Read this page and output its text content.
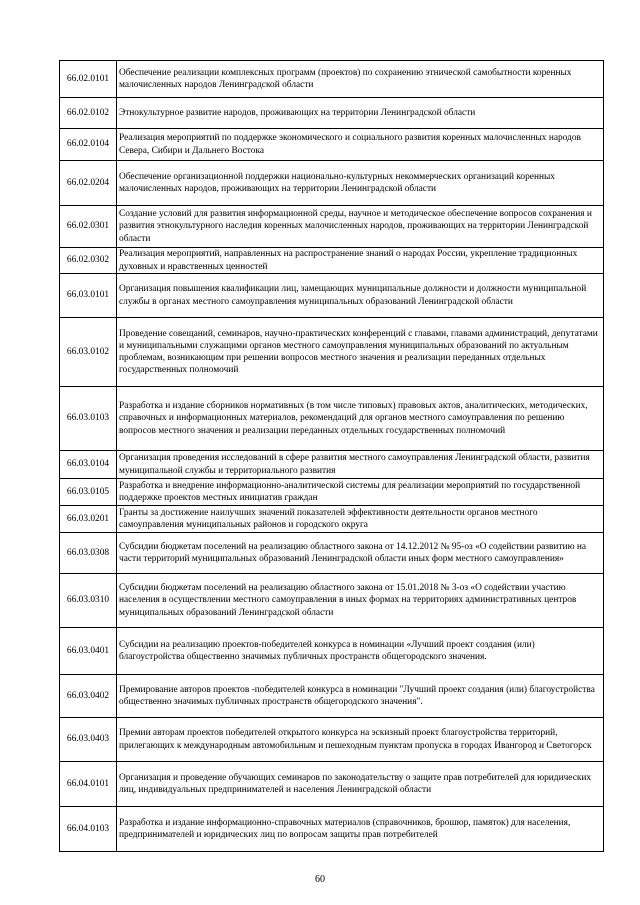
66.02.0101	Обеспечение реализации комплексных программ (проектов) по сохранению этнической самобытности коренных малочисленных народов Ленинградской области
66.02.0102	Этнокультурное развитие народов, проживающих на территории Ленинградской области
66.02.0104	Реализация мероприятий по поддержке экономического и социального развития коренных малочисленных народов Севера, Сибири и Дальнего Востока
66.02.0204	Обеспечение организационной поддержки национально-культурных некоммерческих организаций коренных малочисленных народов, проживающих на территории Ленинградской области
66.02.0301	Создание условий для развития информационной среды, научное и методическое обеспечение вопросов сохранения и развития этнокультурного наследия коренных малочисленных народов, проживающих на территории Ленинградской области
66.02.0302	Реализация мероприятий, направленных на распространение знаний о народах России, укрепление традиционных духовных и нравственных ценностей
66.03.0101	Организация повышения квалификации лиц, замещающих муниципальные должности и должности муниципальной службы в органах местного самоуправления муниципальных образований Ленинградской области
66.03.0102	Проведение совещаний, семинаров, научно-практических конференций с главами, главами администраций, депутатами и муниципальными служащими органов местного самоуправления муниципальных образований по актуальным проблемам, возникающим при решении вопросов местного значения и реализации переданных отдельных государственных полномочий
66.03.0103	Разработка и издание сборников нормативных (в том числе типовых) правовых актов, аналитических, методических, справочных и информационных материалов, рекомендаций для органов местного самоуправления по решению вопросов местного значения и реализации переданных отдельных государственных полномочий
66.03.0104	Организация проведения исследований в сфере развития местного самоуправления Ленинградской области, развития муниципальной службы и территориального развития
66.03.0105	Разработка и внедрение информационно-аналитической системы для реализации мероприятий по государственной поддержке проектов местных инициатив граждан
66.03.0201	Гранты за достижение наилучших значений показателей эффективности деятельности органов местного самоуправления муниципальных районов и городского округа
66.03.0308	Субсидии бюджетам поселений на реализацию областного закона от 14.12.2012 № 95-оз «О содействии развитию на части территорий муниципальных образований Ленинградской области иных форм местного самоуправления»
66.03.0310	Субсидии бюджетам поселений на реализацию областного закона от 15.01.2018 № 3-оз «О содействии участию населения в осуществлении местного самоуправления в иных формах на территориях административных центров муниципальных образований Ленинградской области
66.03.0401	Субсидии на реализацию проектов-победителей конкурса в номинации «Лучший проект создания (или) благоустройства общественно значимых публичных пространств общегородского значения.
66.03.0402	Премирование авторов проектов -победителей конкурса в номинации "Лучший проект создания (или) благоустройства общественно значимых публичных пространств общегородского значения".
66.03.0403	Премии авторам проектов победителей открытого конкурса на эскизный проект благоустройства территорий, прилегающих к международным автомобильным и пешеходным пунктам пропуска в городах Ивангород и Светогорск
66.04.0101	Организация и проведение обучающих семинаров по законодательству о защите прав потребителей для юридических лиц, индивидуальных предпринимателей и населения Ленинградской области
66.04.0103	Разработка и издание информационно-справочных материалов (справочников, брошюр, памяток) для населения, предпринимателей и юридических лиц по вопросам защиты прав потребителей
60
